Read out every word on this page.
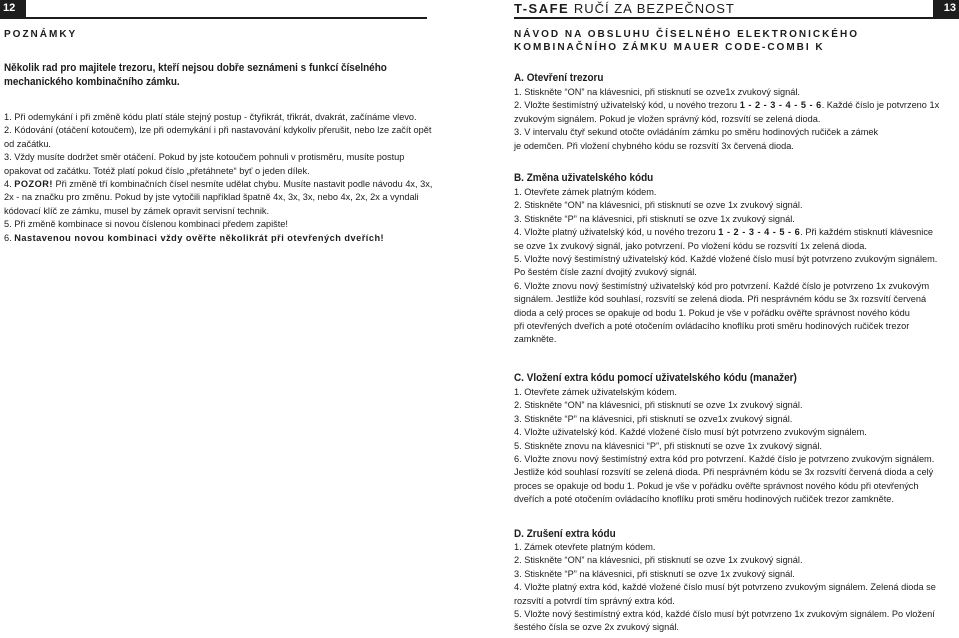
12	13
T-SAFE RUČÍ ZA BEZPEČNOST
POZNÁMKY
Několik rad pro majitele trezoru, kteří nejsou dobře seznámeni s funkcí číselného
mechanického kombinačního zámku.

1. Při odemykání i při změně kódu platí stále stejný postup - čtyřikrát, třikrát, dvakrát, začínáme vlevo.

2. Kódování (otáčení kotoučem), lze při odemykání i při nastavování kdykoliv přerušit, nebo lze začít opět

od začátku.

3. Vždy musíte dodržet směr otáčení. Pokud by jste kotoučem pohnuli v protisměru, musíte postup

opakovat od začátku. Totéž platí pokud číslo „přetáhnete“ byť o jeden dílek.

4. POZOR! Při změně tří kombinačních čísel nesmíte udělat chybu. Musíte nastavit podle návodu 4x, 3x,

2x - na značku pro změnu. Pokud by jste vytočili například špatně 4x, 3x, 3x, nebo 4x, 2x, 2x a vyndali

kódovací klíč ze zámku, musel by zámek opravit servisní technik.

5. Při změně kombinace si novou číslenou kombinaci předem zapište!

6. Nastavenou novou kombinaci vždy ověřte několikrát při otevřených dveřích!

NÁVOD NA OBSLUHU ČÍSELNÉHO ELEKTRONICKÉHO
KOMBINAČNÍHO ZÁMKU MAUER CODE-COMBI K
A. Otevření trezoru

1. Stiskněte “ON” na klávesnici, při stisknutí se ozve1x zvukový signál.

2. Vložte šestimístný uživatelský kód, u nového trezoru 1 - 2 - 3 - 4 - 5 - 6. Každé číslo je potvrzeno 1x

zvukovým signálem. Pokud je vložen správný kód, rozsvítí se zelená dioda.

3. V intervalu čtyř sekund otočte ovládáním zámku po směru hodinových ručiček a zámek

je odemčen. Při vložení chybného kódu se rozsvítí 3x červená dioda.

B. Změna uživatelského kódu

1. Otevřete zámek platným kódem.

2. Stiskněte “ON” na klávesnici, při stisknutí se ozve 1x zvukový signál.

3. Stiskněte “P” na klávesnici, při stisknutí se ozve 1x zvukový signál.

4. Vložte platný uživatelský kód, u nového trezoru 1 - 2 - 3 - 4 - 5 - 6. Při každém stisknutí klávesnice

se ozve 1x zvukový signál, jako potvrzení. Po vložení kódu se rozsvítí 1x zelená dioda.

5. Vložte nový šestimístný uživatelský kód. Každé vložené číslo musí být potvrzeno zvukovým signálem.

Po šestém čísle zazní dvojitý zvukový signál.

6. Vložte znovu nový šestimístný uživatelský kód pro potvrzení. Každé číslo je potvrzeno 1x zvukovým

signálem. Jestliže kód souhlasí, rozsvítí se zelená dioda. Při nesprávném kódu se 3x rozsvítí červená

dioda a celý proces se opakuje od bodu 1. Pokud je vše v pořádku ověřte správnost nového kódu

při otevřených dveřích a poté otočením ovládacího knoflíku proti směru hodinových ručiček trezor

zamkněte.

C. Vložení extra kódu pomocí uživatelského kódu (manažer)

1. Otevřete zámek uživatelským kódem.

2. Stiskněte “ON” na klávesnici, při stisknutí se ozve 1x zvukový signál.

3. Stiskněte “P” na klávesnici, při stisknutí se ozve1x zvukový signál.

4. Vložte uživatelský kód. Každé vložené číslo musí být potvrzeno zvukovým signálem.

5. Stiskněte znovu na klávesnici “P”, při stisknutí se ozve 1x zvukový signál.

6. Vložte znovu nový šestimístný extra kód pro potvrzení. Každé číslo je potvrzeno zvukovým signálem.

Jestliže kód souhlasí rozsvítí se zelená dioda. Při nesprávném kódu se 3x rozsvítí červená dioda a celý

proces se opakuje od bodu 1. Pokud je vše v pořádku ověřte správnost nového kódu při otevřených

dveřích a poté otočením ovládacího knoflíku proti směru hodinových ručiček trezor zamkněte.

D. Zrušení extra kódu

1. Zámek otevřete platným kódem.

2. Stiskněte “ON” na klávesnici, při stisknutí se ozve 1x zvukový signál.

3. Stiskněte “P” na klávesnici, při stisknutí se ozve 1x zvukový signál.

4. Vložte platný extra kód, každé vložené číslo musí být potvrzeno zvukovým signálem. Zelená dioda se

rozsvítí a potvrdí tím správný extra kód.

5. Vložte nový šestimístný extra kód, každé číslo musí být potvrzeno 1x zvukovým signálem. Po vložení

šestého čísla se ozve 2x zvukový signál.
